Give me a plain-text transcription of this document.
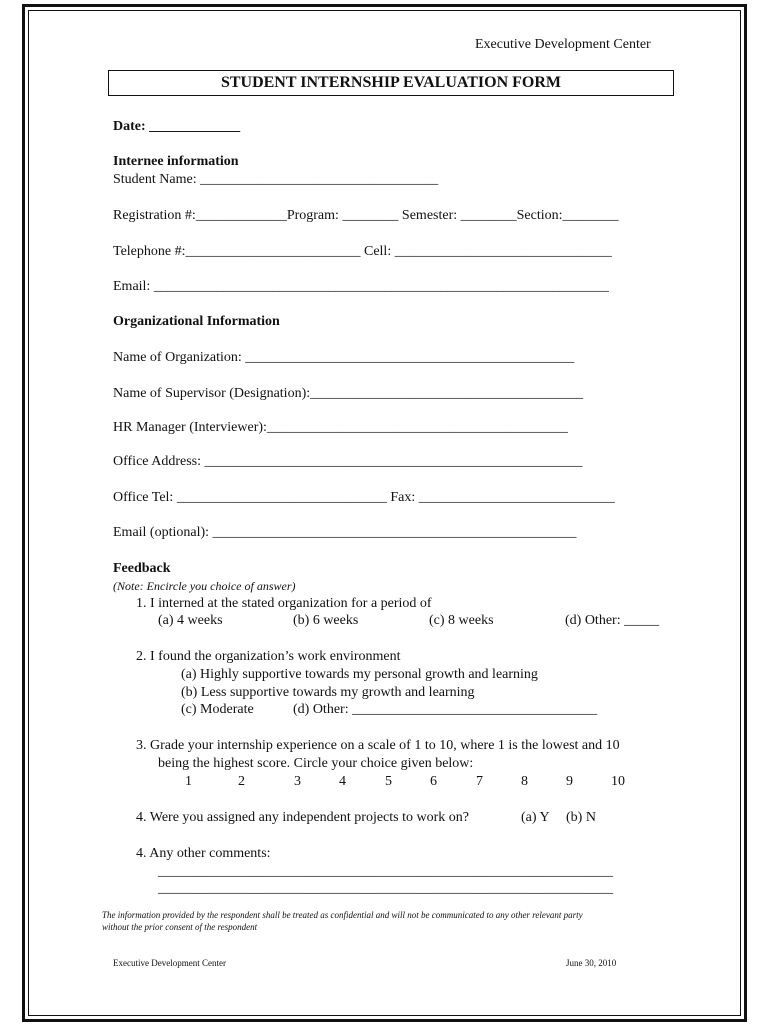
Executive Development Center
STUDENT INTERNSHIP EVALUATION FORM
Date: _____________
Internee information
Student Name: __________________________________
Registration #:_____________Program: ________ Semester: ________Section:________
Telephone #:_________________________ Cell: _______________________________
Email: _________________________________________________________________
Organizational Information
Name of Organization: _______________________________________________
Name of Supervisor (Designation):_______________________________________
HR Manager (Interviewer):___________________________________________
Office Address: ______________________________________________________
Office Tel: ______________________________ Fax: ____________________________
Email (optional): ____________________________________________________
Feedback
(Note: Encircle you choice of answer)
1. I interned at the stated organization for a period of
(a) 4 weeks	(b) 6 weeks	(c) 8 weeks	(d) Other: _____
2. I found the organization’s work environment
(a) Highly supportive towards my personal growth and learning
(b) Less supportive towards my growth and learning
(c) Moderate	(d) Other: ___________________________________
3. Grade your internship experience on a scale of 1 to 10, where 1 is the lowest and 10
being the highest score. Circle your choice given below:
1	2	3	4	5	6	7	8	9	10
4. Were you assigned any independent projects to work on?	(a) Y (b) N
4. Any other comments:
_________________________________________________________________
_________________________________________________________________
The information provided by the respondent shall be treated as confidential and will not be communicated to any other relevant party
without the prior consent of the respondent
Executive Development Center	June 30, 2010
